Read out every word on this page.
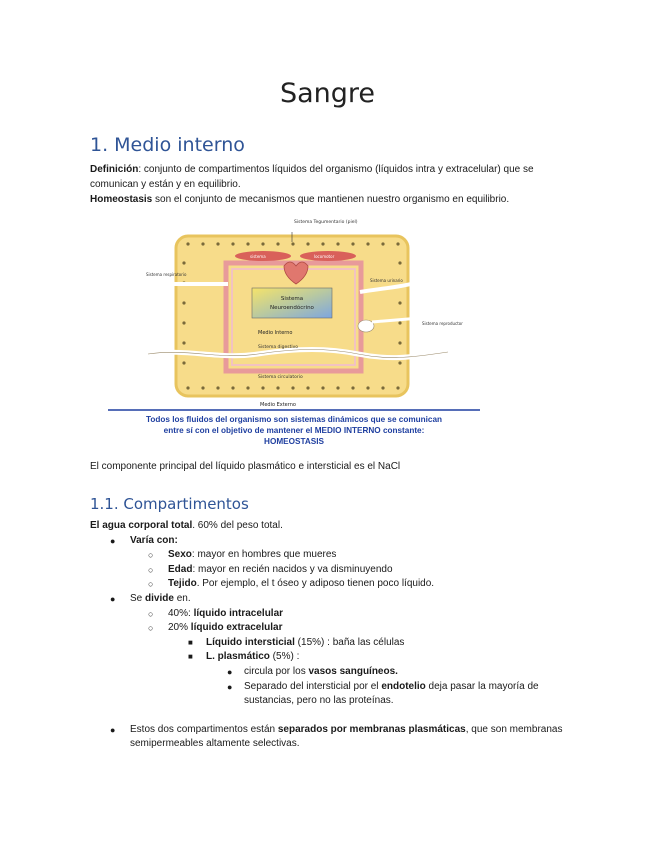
Sangre
1. Medio interno
Definición: conjunto de compartimentos líquidos del organismo (líquidos intra y extracelular) que se comunican y están y en equilibrio.
Homeostasis son el conjunto de mecanismos que mantienen nuestro organismo en equilibrio.
sistema	locomotor
Sistema
Neuroendócrino
Medio Interno
Sistema digestivo
Sistema circulatorio
Sistema respiratorio
Sistema urinario
Sistema reproductor
Sistema Tegumentario (piel)
Medio Externo
Todos los fluidos del organismo son sistemas dinámicos que se comunican
entre sí con el objetivo de mantener el MEDIO INTERNO constante:
HOMEOSTASIS
El componente principal del líquido plasmático e intersticial es el NaCl
1.1. Compartimentos
El agua corporal total. 60% del peso total.
● Varía con:
○ Sexo: mayor en hombres que mueres
○ Edad: mayor en recién nacidos y va disminuyendo
○ Tejido. Por ejemplo, el t óseo y adiposo tienen poco líquido.
● Se divide en.
○ 40%: líquido intracelular
○ 20% líquido extracelular
■ Líquido intersticial (15%) : baña las células
■ L. plasmático (5%) :
● circula por los vasos sanguíneos.
● Separado del intersticial por el endotelio deja pasar la mayoría de sustancias, pero no las proteínas.
● Estos dos compartimentos están separados por membranas plasmáticas, que son membranas semipermeables altamente selectivas.
